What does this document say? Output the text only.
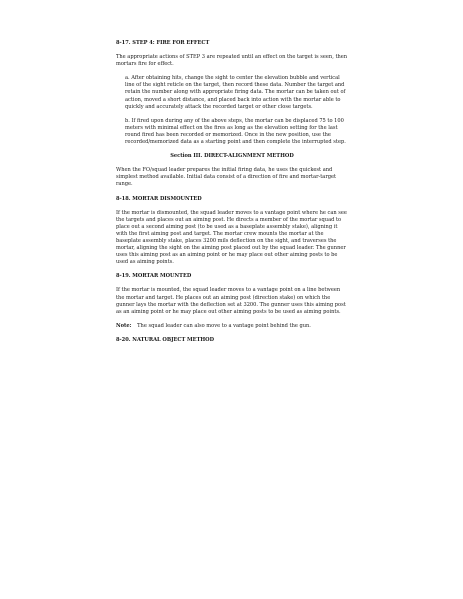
8-17. STEP 4: FIRE FOR EFFECT
The appropriate actions of STEP 3 are repeated until an effect on the target is seen, then mortars fire for effect.
a. After obtaining hits, change the sight to center the elevation bubble and vertical line of the sight reticle on the target, then record these data. Number the target and retain the number along with appropriate firing data. The mortar can be taken out of action, moved a short distance, and placed back into action with the mortar able to quickly and accurately attack the recorded target or other close targets.
b. If fired upon during any of the above steps, the mortar can be displaced 75 to 100 meters with minimal effect on the fires as long as the elevation setting for the last round fired has been recorded or memorized. Once in the new position, use the recorded/memorized data as a starting point and then complete the interrupted step.
Section III. DIRECT-ALIGNMENT METHOD
When the FO/squad leader prepares the initial firing data, he uses the quickest and simplest method available. Initial data consist of a direction of fire and mortar-target range.
8-18. MORTAR DISMOUNTED
If the mortar is dismounted, the squad leader moves to a vantage point where he can see the targets and places out an aiming post. He directs a member of the mortar squad to place out a second aiming post (to be used as a baseplate assembly stake), aligning it with the first aiming post and target. The mortar crew mounts the mortar at the baseplate assembly stake, places 3200 mils deflection on the sight, and traverses the mortar, aligning the sight on the aiming post placed out by the squad leader. The gunner uses this aiming post as an aiming point or he may place out other aiming posts to be used as aiming points.
8-19. MORTAR MOUNTED
If the mortar is mounted, the squad leader moves to a vantage point on a line between the mortar and target. He places out an aiming post (direction stake) on which the gunner lays the mortar with the deflection set at 3200. The gunner uses this aiming post as an aiming point or he may place out other aiming posts to be used as aiming points.
Note: The squad leader can also move to a vantage point behind the gun.
8-20. NATURAL OBJECT METHOD
